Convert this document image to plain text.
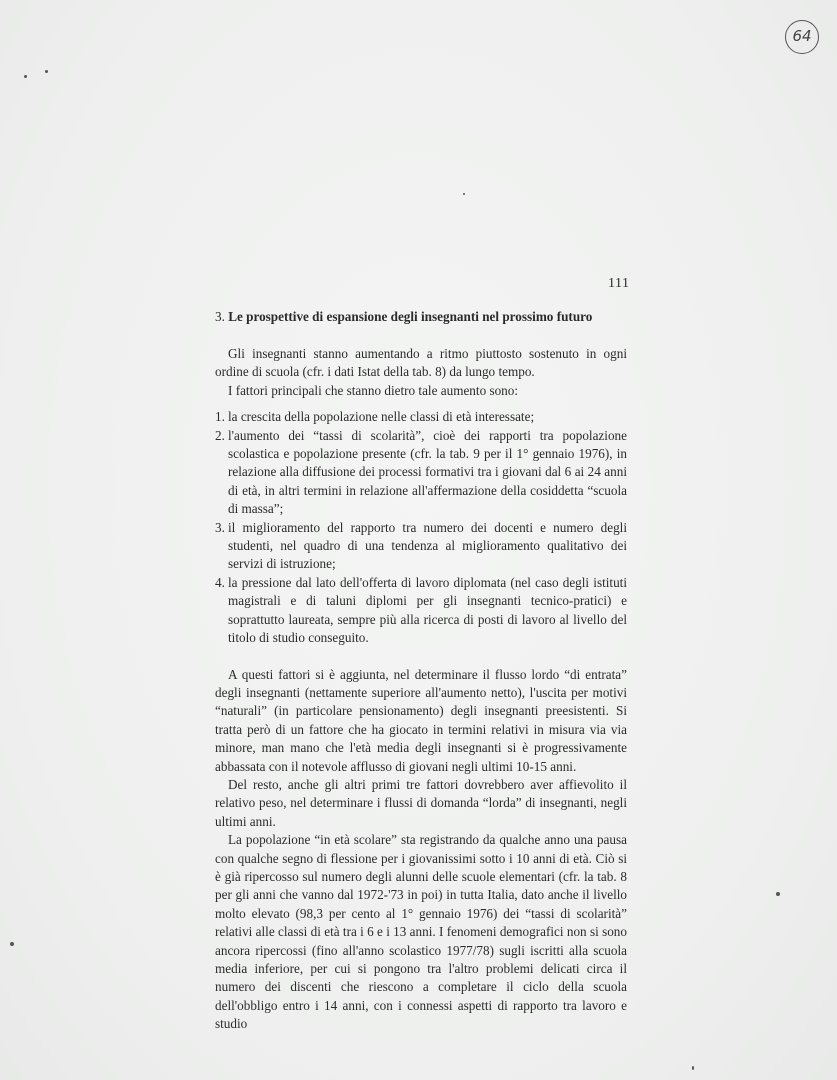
64
111
3. Le prospettive di espansione degli insegnanti nel prossimo futuro

Gli insegnanti stanno aumentando a ritmo piuttosto sostenuto in ogni ordine di scuola (cfr. i dati Istat della tab. 8) da lungo tempo.

I fattori principali che stanno dietro tale aumento sono:

1. la crescita della popolazione nelle classi di età interessate;
2. l'aumento dei “tassi di scolarità”, cioè dei rapporti tra popolazione scolastica e popolazione presente (cfr. la tab. 9 per il 1° gennaio 1976), in relazione alla diffusione dei processi formativi tra i giovani dal 6 ai 24 anni di età, in altri termini in relazione all'affermazione della cosiddetta “scuola di massa”;
3. il miglioramento del rapporto tra numero dei docenti e numero degli studenti, nel quadro di una tendenza al miglioramento qualitativo dei servizi di istruzione;
4. la pressione dal lato dell'offerta di lavoro diplomata (nel caso degli istituti magistrali e di taluni diplomi per gli insegnanti tecnico-pratici) e soprattutto laureata, sempre più alla ricerca di posti di lavoro al livello del titolo di studio conseguito.

A questi fattori si è aggiunta, nel determinare il flusso lordo “di entrata” degli insegnanti (nettamente superiore all'aumento netto), l'uscita per motivi “naturali” (in particolare pensionamento) degli insegnanti preesistenti. Si tratta però di un fattore che ha giocato in termini relativi in misura via via minore, man mano che l'età media degli insegnanti si è progressivamente abbassata con il notevole afflusso di giovani negli ultimi 10-15 anni.

Del resto, anche gli altri primi tre fattori dovrebbero aver affievolito il relativo peso, nel determinare i flussi di domanda “lorda” di insegnanti, negli ultimi anni.

La popolazione “in età scolare” sta registrando da qualche anno una pausa con qualche segno di flessione per i giovanissimi sotto i 10 anni di età. Ciò si è già ripercosso sul numero degli alunni delle scuole elementari (cfr. la tab. 8 per gli anni che vanno dal 1972-'73 in poi) in tutta Italia, dato anche il livello molto elevato (98,3 per cento al 1° gennaio 1976) dei “tassi di scolarità” relativi alle classi di età tra i 6 e i 13 anni. I fenomeni demografici non si sono ancora ripercossi (fino all'anno scolastico 1977/78) sugli iscritti alla scuola media inferiore, per cui si pongono tra l'altro problemi delicati circa il numero dei discenti che riescono a completare il ciclo della scuola dell'obbligo entro i 14 anni, con i connessi aspetti di rapporto tra lavoro e studio
